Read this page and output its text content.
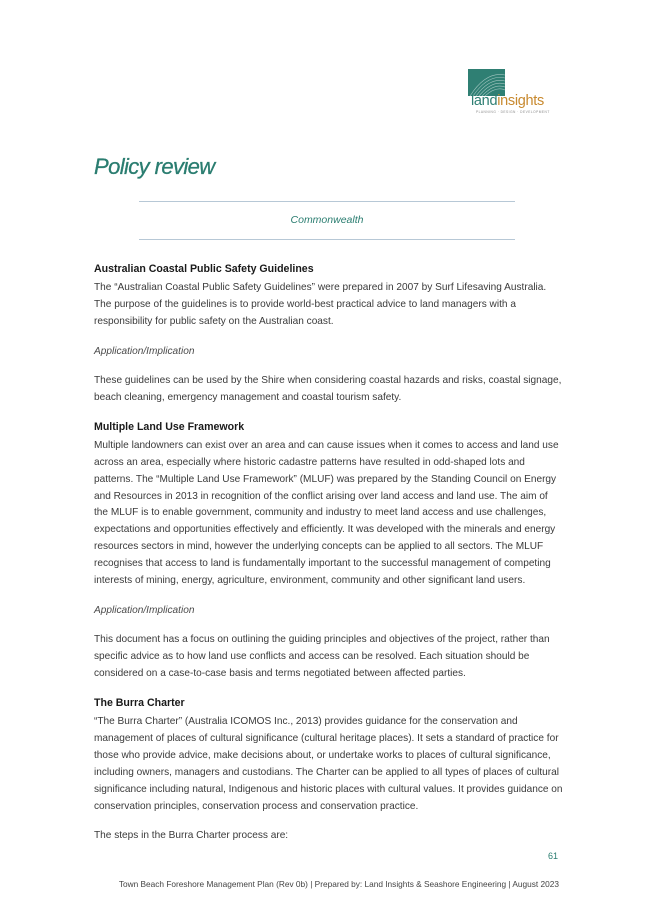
landinsights
PLANNING · DESIGN · DEVELOPMENT
Policy review
Commonwealth
Australian Coastal Public Safety Guidelines

The “Australian Coastal Public Safety Guidelines” were prepared in 2007 by Surf Lifesaving Australia. The purpose of the guidelines is to provide world-best practical advice to land managers with a responsibility for public safety on the Australian coast.

Application/Implication

These guidelines can be used by the Shire when considering coastal hazards and risks, coastal signage, beach cleaning, emergency management and coastal tourism safety.

Multiple Land Use Framework

Multiple landowners can exist over an area and can cause issues when it comes to access and land use across an area, especially where historic cadastre patterns have resulted in odd-shaped lots and patterns. The “Multiple Land Use Framework” (MLUF) was prepared by the Standing Council on Energy and Resources in 2013 in recognition of the conflict arising over land access and land use. The aim of the MLUF is to enable government, community and industry to meet land access and use challenges, expectations and opportunities effectively and efficiently. It was developed with the minerals and energy resources sectors in mind, however the underlying concepts can be applied to all sectors. The MLUF recognises that access to land is fundamentally important to the successful management of competing interests of mining, energy, agriculture, environment, community and other significant land users.

Application/Implication

This document has a focus on outlining the guiding principles and objectives of the project, rather than specific advice as to how land use conflicts and access can be resolved. Each situation should be considered on a case-to-case basis and terms negotiated between affected parties.

The Burra Charter

“The Burra Charter” (Australia ICOMOS Inc., 2013) provides guidance for the conservation and management of places of cultural significance (cultural heritage places). It sets a standard of practice for those who provide advice, make decisions about, or undertake works to places of cultural significance, including owners, managers and custodians. The Charter can be applied to all types of places of cultural significance including natural, Indigenous and historic places with cultural values. It provides guidance on conservation principles, conservation process and conservation practice.

The steps in the Burra Charter process are:

61
Town Beach Foreshore Management Plan (Rev 0b) | Prepared by: Land Insights & Seashore Engineering | August 2023
